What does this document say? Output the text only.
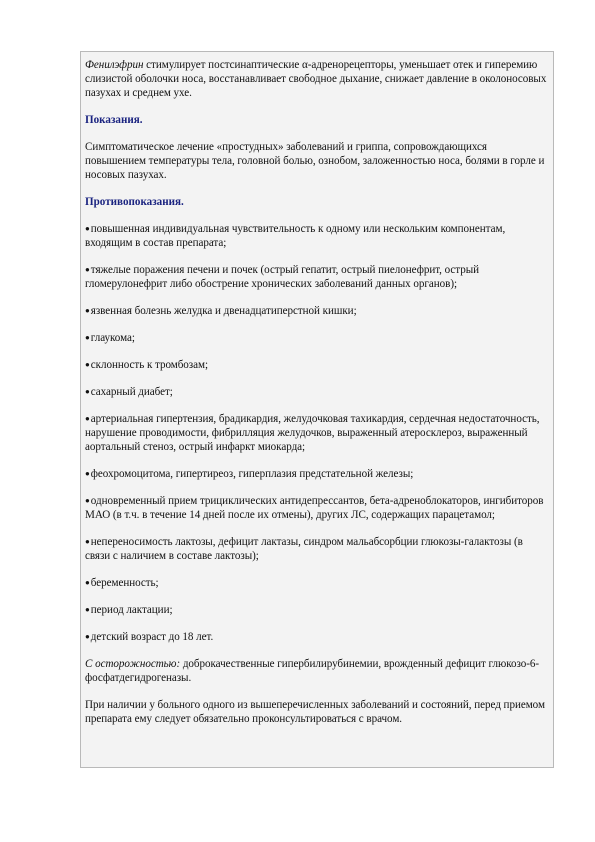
Фенилэфрин стимулирует постсинаптические α-адренорецепторы, уменьшает отек и гиперемию слизистой оболочки носа, восстанавливает свободное дыхание, снижает давление в околоносовых пазухах и среднем ухе.

Показания.

Симптоматическое лечение «простудных» заболеваний и гриппа, сопровождающихся повышением температуры тела, головной болью, ознобом, заложенностью носа, болями в горле и носовых пазухах.

Противопоказания.

●повышенная индивидуальная чувствительность к одному или нескольким компонентам, входящим в состав препарата;

●тяжелые поражения печени и почек (острый гепатит, острый пиелонефрит, острый гломерулонефрит либо обострение хронических заболеваний данных органов);

●язвенная болезнь желудка и двенадцатиперстной кишки;

●глаукома;

●склонность к тромбозам;

●сахарный диабет;

●артериальная гипертензия, брадикардия, желудочковая тахикардия, сердечная недостаточность, нарушение проводимости, фибрилляция желудочков, выраженный атеросклероз, выраженный аортальный стеноз, острый инфаркт миокарда;

●феохромоцитома, гипертиреоз, гиперплазия предстательной железы;

●одновременный прием трициклических антидепрессантов, бета-адреноблокаторов, ингибиторов МАО (в т.ч. в течение 14 дней после их отмены), других ЛС, содержащих парацетамол;

●непереносимость лактозы, дефицит лактазы, синдром мальабсорбции глюкозы-галактозы (в связи с наличием в составе лактозы);

●беременность;

●период лактации;

●детский возраст до 18 лет.

С осторожностью: доброкачественные гипербилирубинемии, врожденный дефицит глюкозо-6-фосфатдегидрогеназы.

При наличии у больного одного из вышеперечисленных заболеваний и состояний, перед приемом препарата ему следует обязательно проконсультироваться с врачом.
